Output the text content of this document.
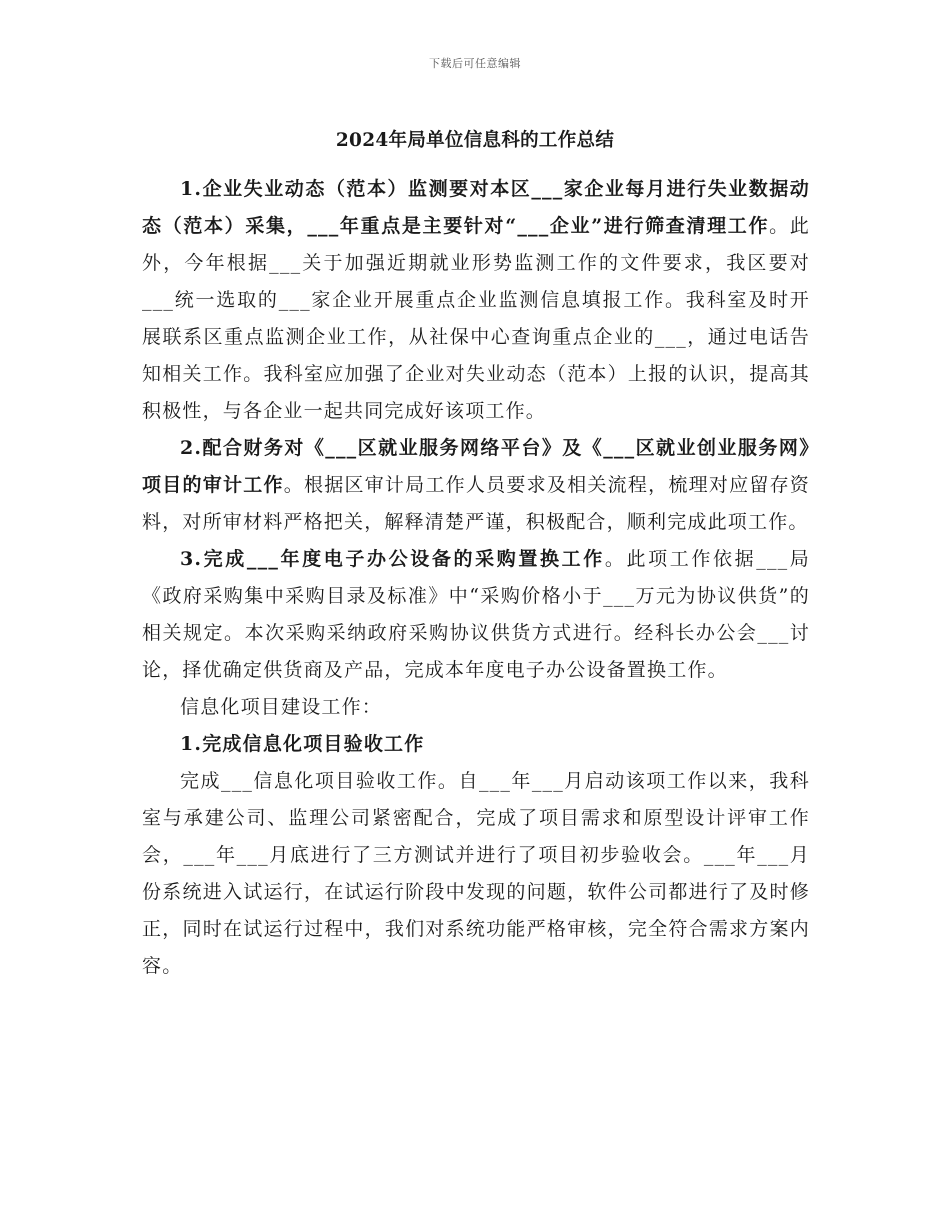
下载后可任意编辑
2024年局单位信息科的工作总结

1.企业失业动态（范本）监测要对本区___家企业每月进行失业数据动态（范本）采集，___年重点是主要针对“___企业”进行筛查清理工作。此外，今年根据___关于加强近期就业形势监测工作的文件要求，我区要对___统一选取的___家企业开展重点企业监测信息填报工作。我科室及时开展联系区重点监测企业工作，从社保中心查询重点企业的___，通过电话告知相关工作。我科室应加强了企业对失业动态（范本）上报的认识，提高其积极性，与各企业一起共同完成好该项工作。

2.配合财务对《___区就业服务网络平台》及《___区就业创业服务网》项目的审计工作。根据区审计局工作人员要求及相关流程，梳理对应留存资料，对所审材料严格把关，解释清楚严谨，积极配合，顺利完成此项工作。

3.完成___年度电子办公设备的采购置换工作。此项工作依据___局《政府采购集中采购目录及标准》中“采购价格小于___万元为协议供货”的相关规定。本次采购采纳政府采购协议供货方式进行。经科长办公会___讨论，择优确定供货商及产品，完成本年度电子办公设备置换工作。

信息化项目建设工作：

1.完成信息化项目验收工作

完成___信息化项目验收工作。自___年___月启动该项工作以来，我科室与承建公司、监理公司紧密配合，完成了项目需求和原型设计评审工作会，___年___月底进行了三方测试并进行了项目初步验收会。___年___月份系统进入试运行，在试运行阶段中发现的问题，软件公司都进行了及时修正，同时在试运行过程中，我们对系统功能严格审核，完全符合需求方案内容。
